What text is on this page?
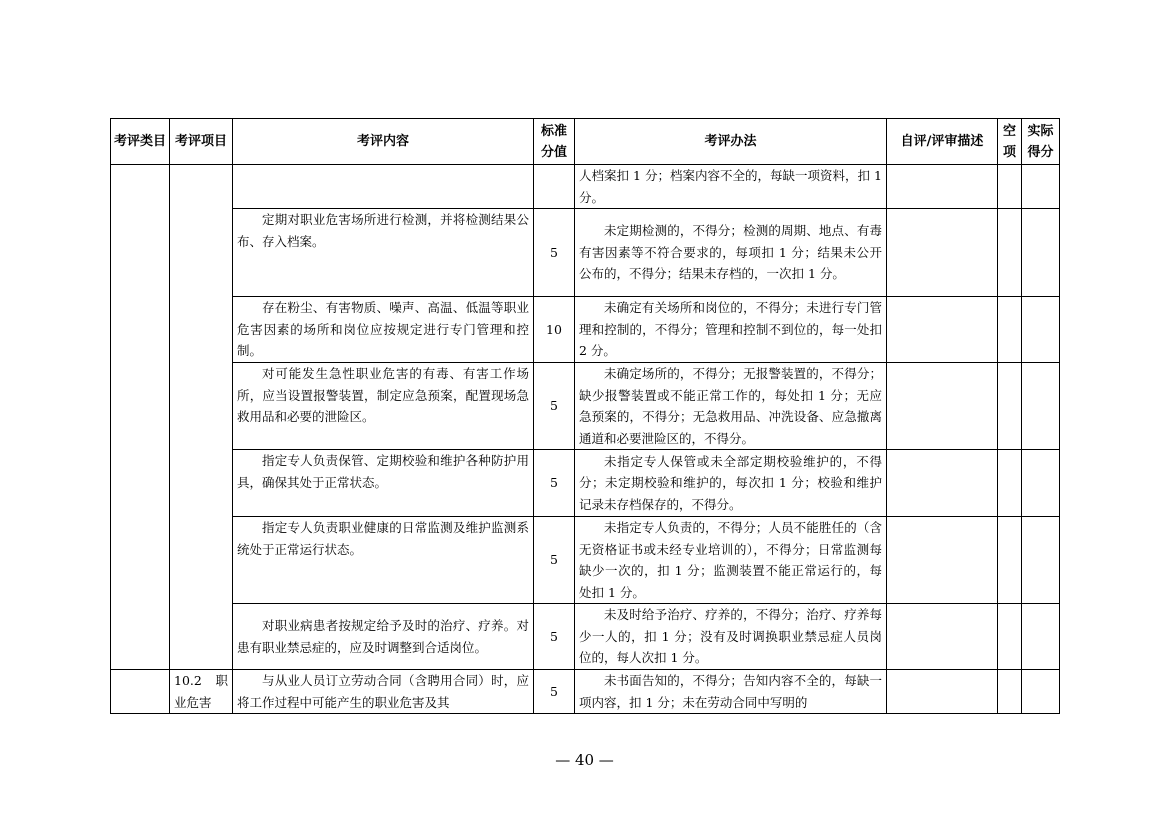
考评类目	考评项目	考评内容	标准分值	考评办法	自评/评审描述	空项	实际得分
				人档案扣 1 分；档案内容不全的，每缺一项资料，扣 1 分。			
		定期对职业危害场所进行检测，并将检测结果公布、存入档案。	5	未定期检测的，不得分；检测的周期、地点、有毒有害因素等不符合要求的，每项扣 1 分；结果未公开公布的，不得分；结果未存档的，一次扣 1 分。			
		存在粉尘、有害物质、噪声、高温、低温等职业危害因素的场所和岗位应按规定进行专门管理和控制。	10	未确定有关场所和岗位的，不得分；未进行专门管理和控制的，不得分；管理和控制不到位的，每一处扣 2 分。			
		对可能发生急性职业危害的有毒、有害工作场所，应当设置报警装置，制定应急预案，配置现场急救用品和必要的泄险区。	5	未确定场所的，不得分；无报警装置的，不得分；缺少报警装置或不能正常工作的，每处扣 1 分；无应急预案的，不得分；无急救用品、冲洗设备、应急撤离通道和必要泄险区的，不得分。			
		指定专人负责保管、定期校验和维护各种防护用具，确保其处于正常状态。	5	未指定专人保管或未全部定期校验维护的，不得分；未定期校验和维护的，每次扣 1 分；校验和维护记录未存档保存的，不得分。			
		指定专人负责职业健康的日常监测及维护监测系统处于正常运行状态。	5	未指定专人负责的，不得分；人员不能胜任的（含无资格证书或未经专业培训的），不得分；日常监测每缺少一次的，扣 1 分；监测装置不能正常运行的，每处扣 1 分。			
		对职业病患者按规定给予及时的治疗、疗养。对患有职业禁忌症的，应及时调整到合适岗位。	5	未及时给予治疗、疗养的，不得分；治疗、疗养每少一人的，扣 1 分；没有及时调换职业禁忌症人员岗位的，每人次扣 1 分。			
	10.2 职业危害	与从业人员订立劳动合同（含聘用合同）时，应将工作过程中可能产生的职业危害及其	5	未书面告知的，不得分；告知内容不全的，每缺一项内容，扣 1 分；未在劳动合同中写明的			
— 40 —
